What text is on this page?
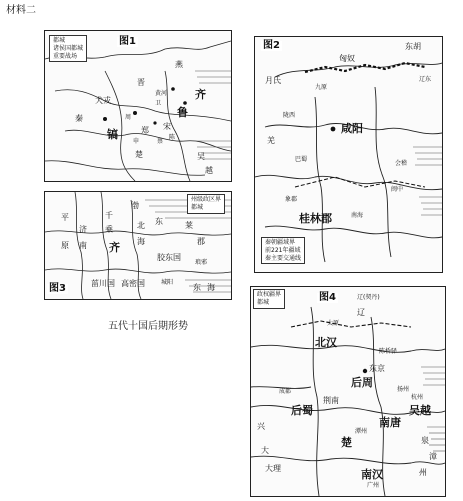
材料二
都城
诸侯国都城
重要战场
图1
齐
鲁
宋
郑
犬戎
镐
楚	吴
越
燕
晋
秦
卫
陈
蔡
周
申
黄河
图2
咸阳
桂林郡
匈奴
东胡
月氏
羌
闽中
南海
象郡
辽东
会稽
九原
陇西
巴蜀
秦朝疆域界
前221年疆域
秦主要交通线
州级政区界
都城
平
原
济
南
千
乘
齐
北
海
东	莱
郡
胶东国
高密国
菑川国	城阳
琅邪
东 海
渤
图3
五代十国后期形势
图4	辽(契丹)
政权疆界
都城
北汉
后周
东京
后蜀
南唐
吴越
楚
南汉
荆南
陈桥驿
辽
大理
太原
成都	扬州
杭州
潭州
广州
大
兴
泉
漳
州
